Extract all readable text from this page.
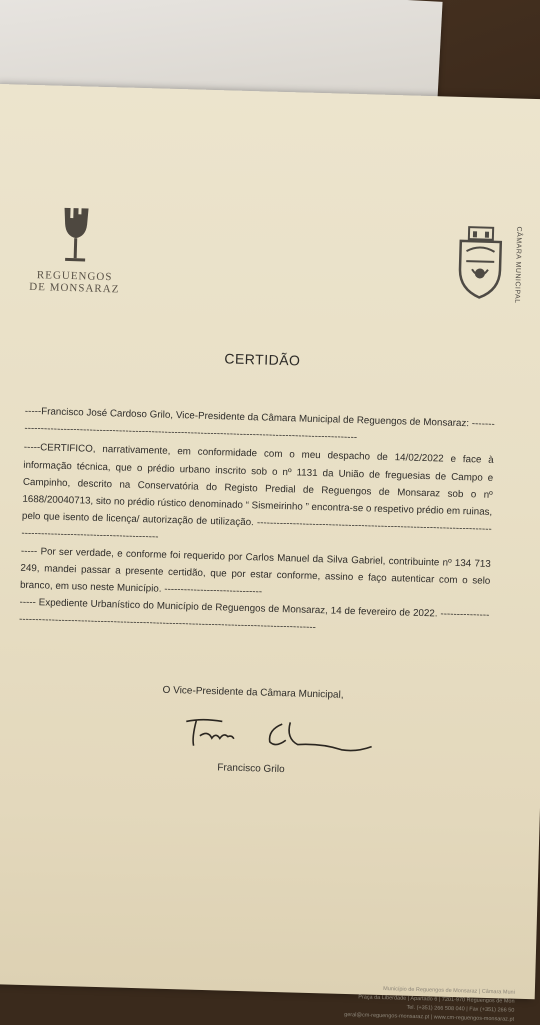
REGUENGOS
DE MONSARAZ	CÂMARA MUNICIPAL
CERTIDÃO
-----Francisco José Cardoso Grilo, Vice-Presidente da Câmara Municipal de Reguengos de Monsaraz: -------------------------------------------------------------------------------------------------------------
-----CERTIFICO, narrativamente, em conformidade com o meu despacho de 14/02/2022 e face à informação técnica, que o prédio urbano inscrito sob o nº 1131 da União de freguesias de Campo e Campinho, descrito na Conservatória do Registo Predial de Reguengos de Monsaraz sob o nº 1688/20040713, sito no prédio rústico denominado “ Sismeirinho ” encontra-se o respetivo prédio em ruinas, pelo que isento de licença/ autorização de utilização. ------------------------------------------------------------------------------------------------------------------
----- Por ser verdade, e conforme foi requerido por Carlos Manuel da Silva Gabriel, contribuinte nº 134 713 249, mandei passar a presente certidão, que por estar conforme, assino e faço autenticar com o selo branco, em uso neste Município. ------------------------------
----- Expediente Urbanístico do Município de Reguengos de Monsaraz, 14 de fevereiro de 2022. ----------------------------------------------------------------------------------------------------------
O Vice-Presidente da Câmara Municipal,
Francisco Grilo
Município de Reguengos de Monsaraz | Câmara Muni
Praça da Liberdade | Apartado 6 | 7201-970 Reguengos de Mon
Tel. (+351) 266 508 040 | Fax (+351) 266 50
geral@cm-reguengos-monsaraz.pt | www.cm-reguengos-monsaraz.pt
